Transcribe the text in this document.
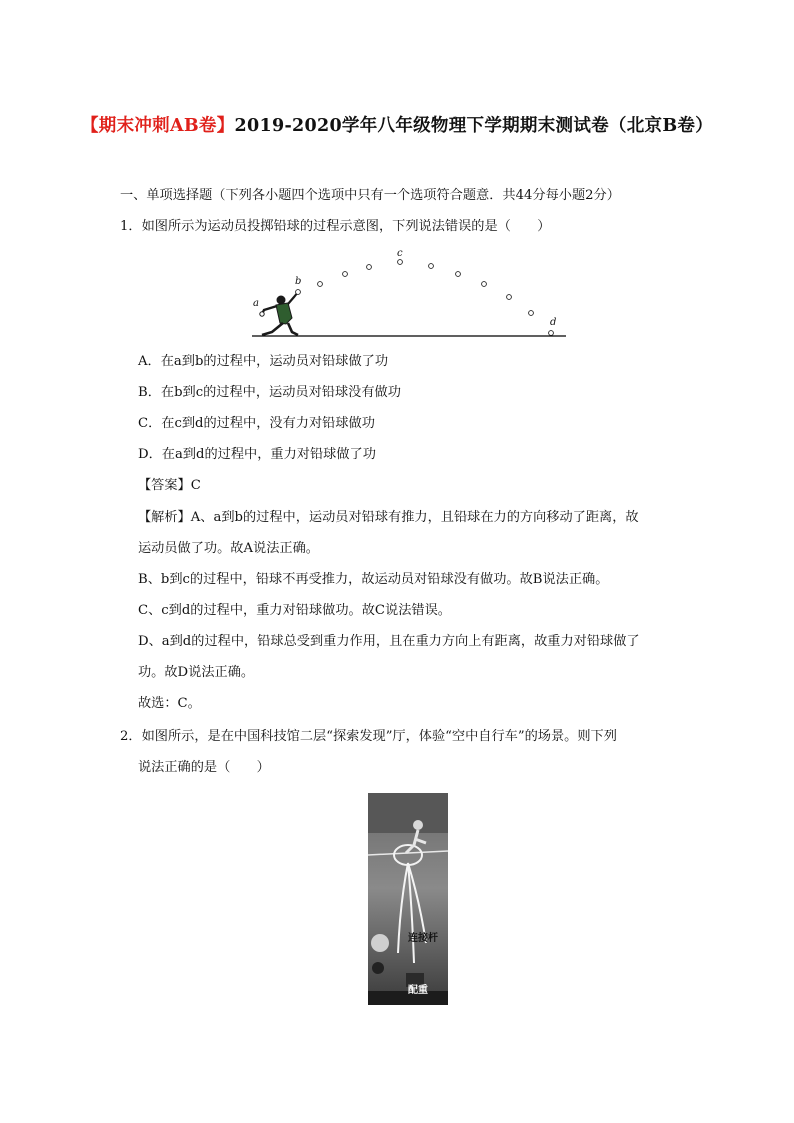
【期末冲刺AB卷】2019-2020学年八年级物理下学期期末测试卷（北京B卷）
一、单项选择题（下列各小题四个选项中只有一个选项符合题意．共44分每小题2分）
1．如图所示为运动员投掷铅球的过程示意图，下列说法错误的是（　　）
a
b
c
d
A．在a到b的过程中，运动员对铅球做了功
B．在b到c的过程中，运动员对铅球没有做功
C．在c到d的过程中，没有力对铅球做功
D．在a到d的过程中，重力对铅球做了功
【答案】C
【解析】A、a到b的过程中，运动员对铅球有推力，且铅球在力的方向移动了距离，故
运动员做了功。故A说法正确。
B、b到c的过程中，铅球不再受推力，故运动员对铅球没有做功。故B说法正确。
C、c到d的过程中，重力对铅球做功。故C说法错误。
D、a到d的过程中，铅球总受到重力作用，且在重力方向上有距离，故重力对铅球做了
功。故D说法正确。
故选：C。
2．如图所示，是在中国科技馆二层“探索发现”厅，体验“空中自行车”的场景。则下列
说法正确的是（　　）
连接杆
配重
